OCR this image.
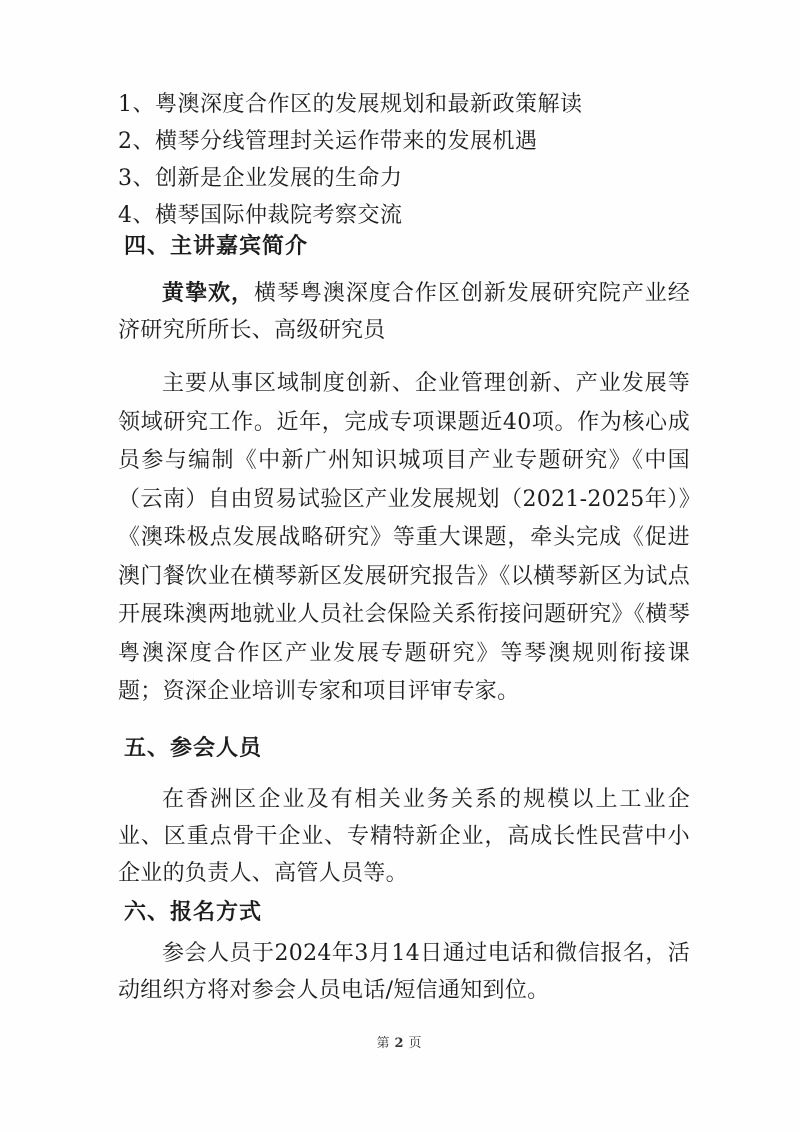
1、粤澳深度合作区的发展规划和最新政策解读

2、横琴分线管理封关运作带来的发展机遇

3、创新是企业发展的生命力

4、横琴国际仲裁院考察交流

四、主讲嘉宾简介

黄挚欢，横琴粤澳深度合作区创新发展研究院产业经济研究所所长、高级研究员

主要从事区域制度创新、企业管理创新、产业发展等领域研究工作。近年，完成专项课题近40项。作为核心成员参与编制《中新广州知识城项目产业专题研究》《中国（云南）自由贸易试验区产业发展规划（2021-2025年）》《澳珠极点发展战略研究》等重大课题，牵头完成《促进澳门餐饮业在横琴新区发展研究报告》《以横琴新区为试点开展珠澳两地就业人员社会保险关系衔接问题研究》《横琴粤澳深度合作区产业发展专题研究》等琴澳规则衔接课题；资深企业培训专家和项目评审专家。

五、参会人员

在香洲区企业及有相关业务关系的规模以上工业企业、区重点骨干企业、专精特新企业，高成长性民营中小企业的负责人、高管人员等。

六、报名方式

参会人员于2024年3月14日通过电话和微信报名，活动组织方将对参会人员电话/短信通知到位。

第 2 页
